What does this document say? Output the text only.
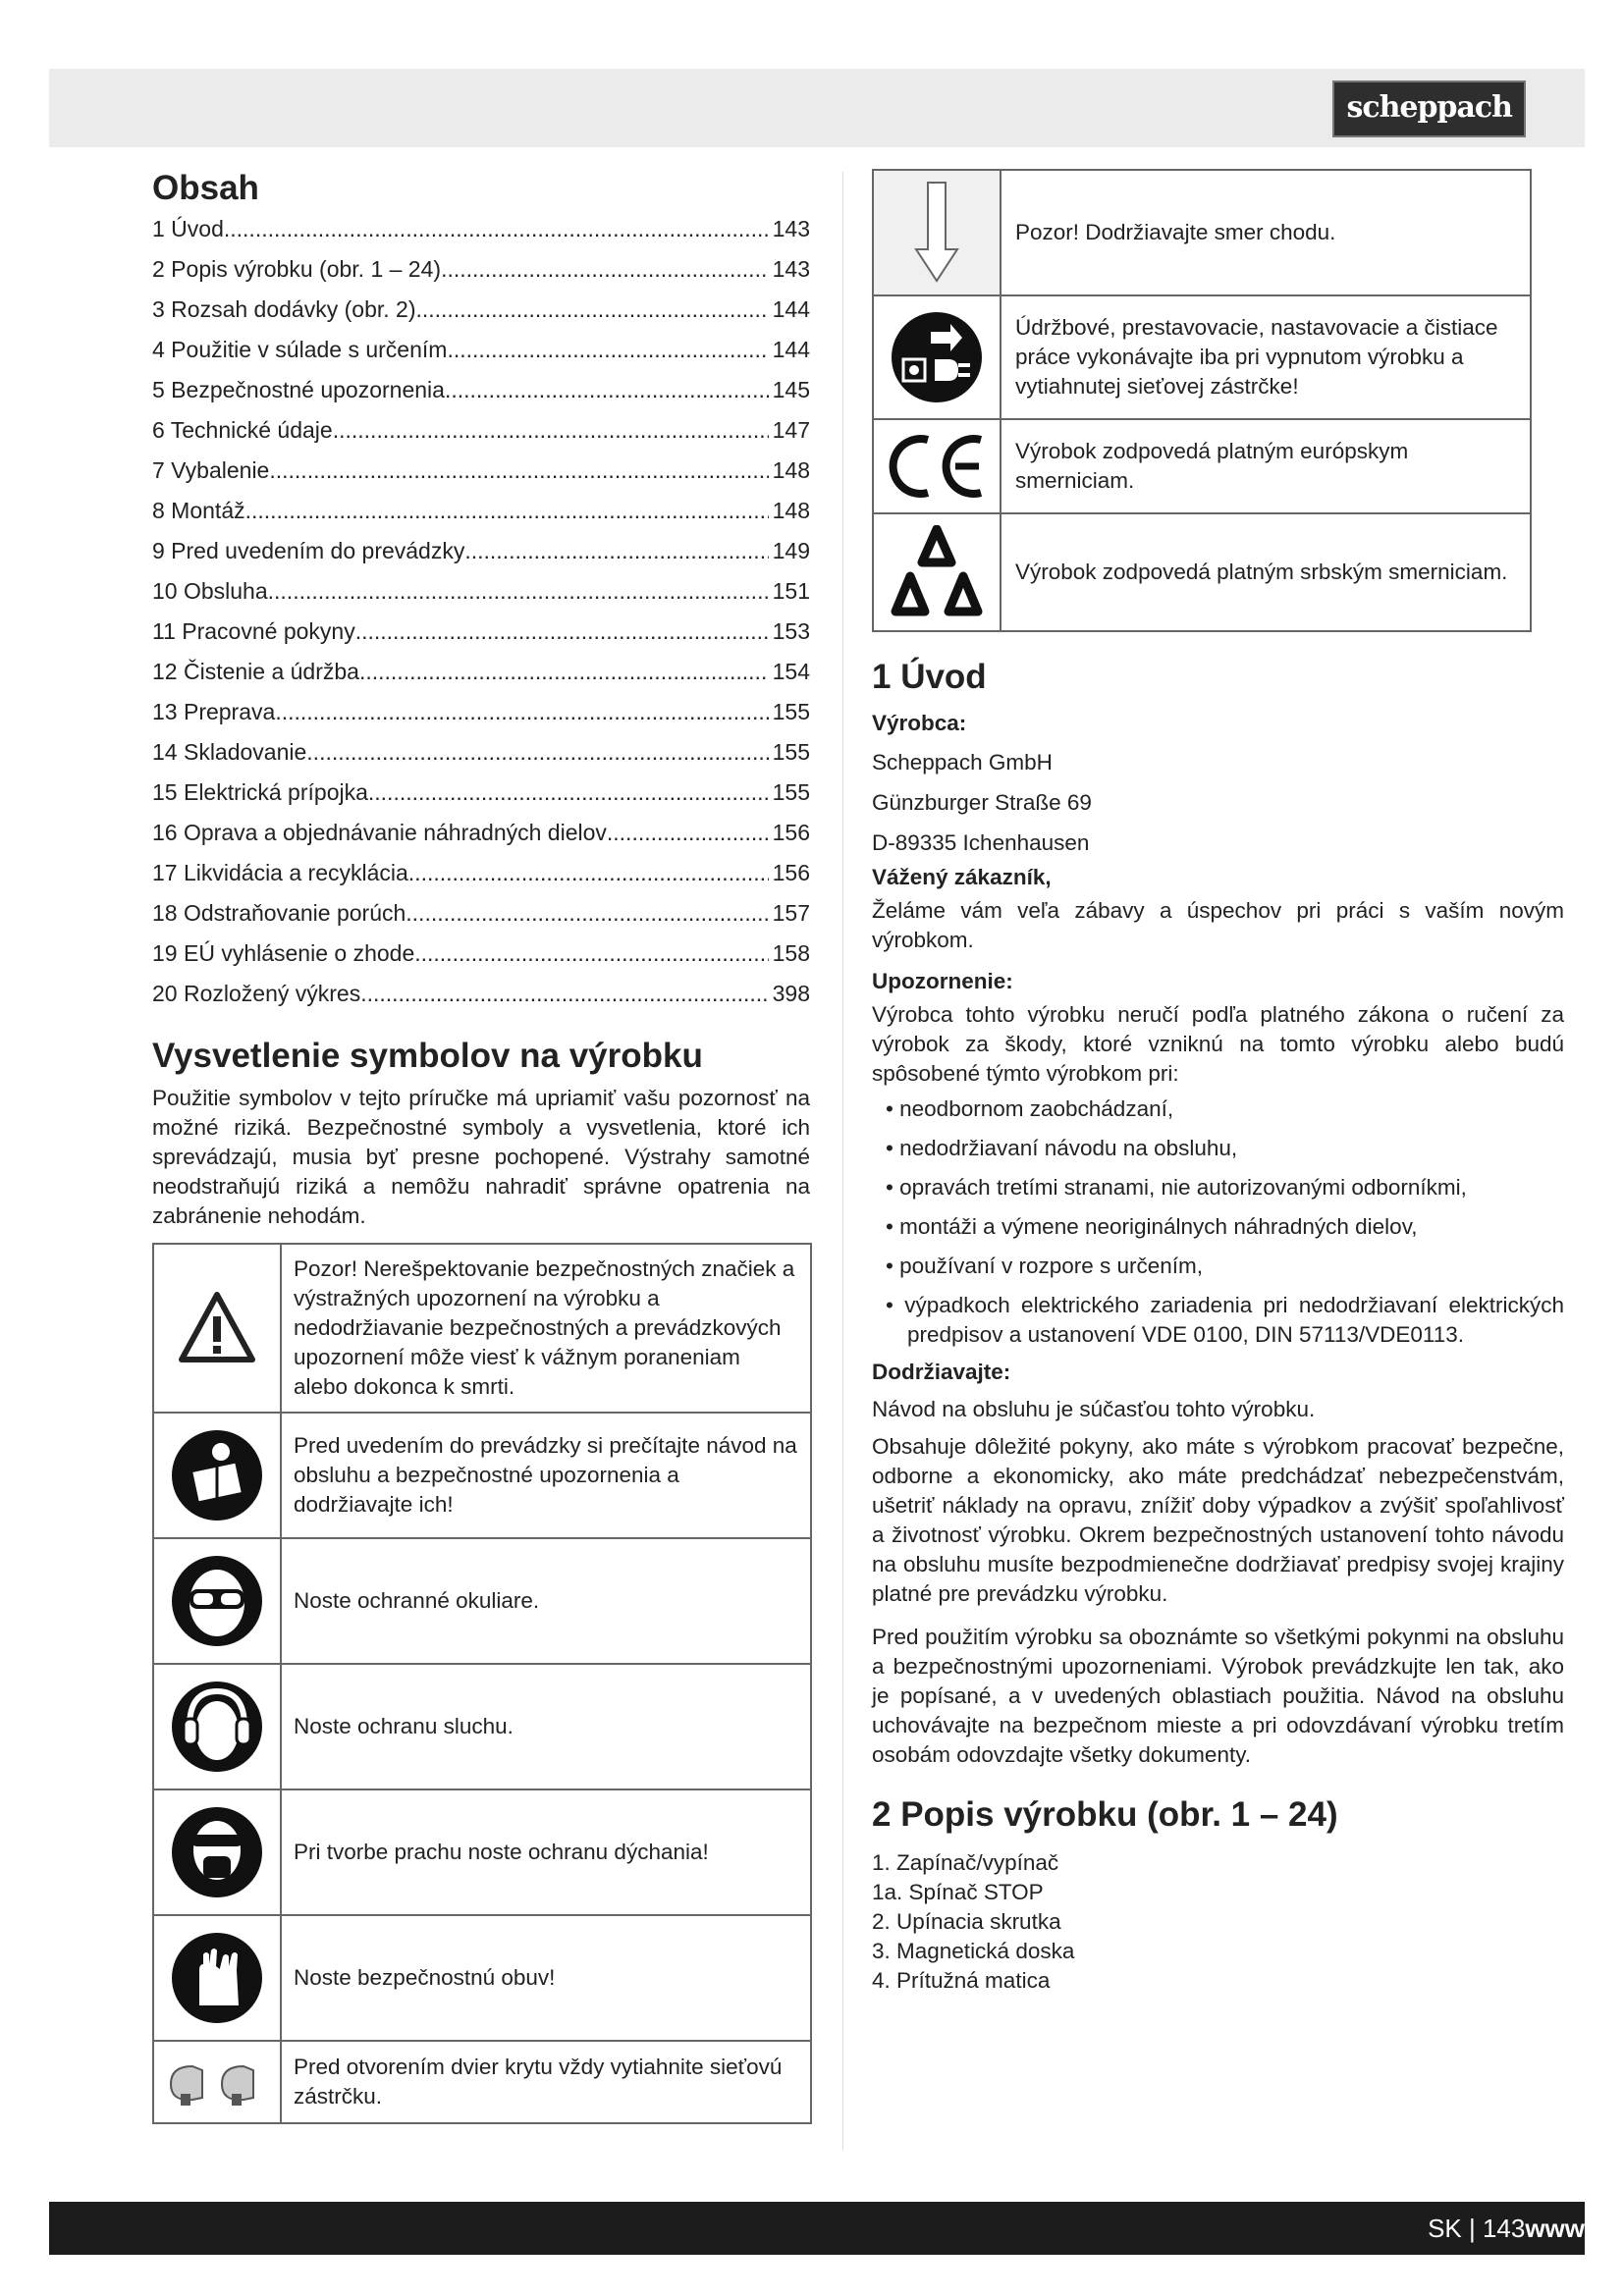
scheppach
Obsah
1 Úvod .....	143
2 Popis výrobku (obr. 1 – 24) .....	143
3 Rozsah dodávky (obr. 2) .....	144
4 Použitie v súlade s určením .....	144
5 Bezpečnostné upozornenia .....	145
6 Technické údaje .....	147
7 Vybalenie .....	148
8 Montáž .....	148
9 Pred uvedením do prevádzky .....	149
10 Obsluha .....	151
11 Pracovné pokyny .....	153
12 Čistenie a údržba .....	154
13 Preprava .....	155
14 Skladovanie .....	155
15 Elektrická prípojka .....	155
16 Oprava a objednávanie náhradných dielov .....	156
17 Likvidácia a recyklácia .....	156
18 Odstraňovanie porúch .....	157
19 EÚ vyhlásenie o zhode .....	158
20 Rozložený výkres .....	398
Vysvetlenie symbolov na výrobku

Použitie symbolov v tejto príručke má upriamiť vašu pozornosť na možné riziká. Bezpečnostné symboly a vysvetlenia, ktoré ich sprevádzajú, musia byť presne pochopené. Výstrahy samotné neodstraňujú riziká a nemôžu nahradiť správne opatrenia na zabránenie nehodám.

	Pozor! Nerešpektovanie bezpečnostných značiek a výstražných upozornení na výrobku a nedodržiavanie bezpečnostných a prevádzkových upozornení môže viesť k vážnym poraneniam alebo dokonca k smrti.

	Pred uvedením do prevádzky si prečítajte návod na obsluhu a bezpečnostné upozornenia a dodržiavajte ich!

	Noste ochranné okuliare.

	Noste ochranu sluchu.

	Pri tvorbe prachu noste ochranu dýchania!

	Noste bezpečnostnú obuv!

	Pred otvorením dvier krytu vždy vytiahnite sieťovú zástrčku.
	Pozor! Dodržiavajte smer chodu.

	Údržbové, prestavovacie, nastavovacie a čistiace práce vykonávajte iba pri vypnutom výrobku a vytiahnutej sieťovej zástrčke!

	Výrobok zodpovedá platným európskym smerniciam.

	Výrobok zodpovedá platným srbským smerniciam.
1 Úvod
Výrobca:

Scheppach GmbH

Günzburger Straße 69

D-89335 Ichenhausen

Vážený zákazník,

Želáme vám veľa zábavy a úspechov pri práci s vaším novým výrobkom.

Upozornenie:

Výrobca tohto výrobku neručí podľa platného zákona o ručení za výrobok za škody, ktoré vzniknú na tomto výrobku alebo budú spôsobené týmto výrobkom pri:

• neodbornom zaobchádzaní,
• nedodržiavaní návodu na obsluhu,
• opravách tretími stranami, nie autorizovanými odborníkmi,
• montáži a výmene neoriginálnych náhradných dielov,
• používaní v rozpore s určením,
• výpadkoch elektrického zariadenia pri nedodržiavaní elektrických predpisov a ustanovení VDE 0100, DIN 57113/VDE0113.
Dodržiavajte:

Návod na obsluhu je súčasťou tohto výrobku.

Obsahuje dôležité pokyny, ako máte s výrobkom pracovať bezpečne, odborne a ekonomicky, ako máte predchádzať nebezpečenstvám, ušetriť náklady na opravu, znížiť doby výpadkov a zvýšiť spoľahlivosť a životnosť výrobku. Okrem bezpečnostných ustanovení tohto návodu na obsluhu musíte bezpodmienečne dodržiavať predpisy svojej krajiny platné pre prevádzku výrobku.

Pred použitím výrobku sa oboznámte so všetkými pokynmi na obsluhu a bezpečnostnými upozorneniami. Výrobok prevádzkujte len tak, ako je popísané, a v uvedených oblastiach použitia. Návod na obsluhu uchovávajte na bezpečnom mieste a pri odovzdávaní výrobku tretím osobám odovzdajte všetky dokumenty.

2 Popis výrobku (obr. 1 – 24)

1. Zapínač/vypínač

1a. Spínač STOP

2. Upínacia skrutka

3. Magnetická doska

4. Prítužná matica

SK | 143www
